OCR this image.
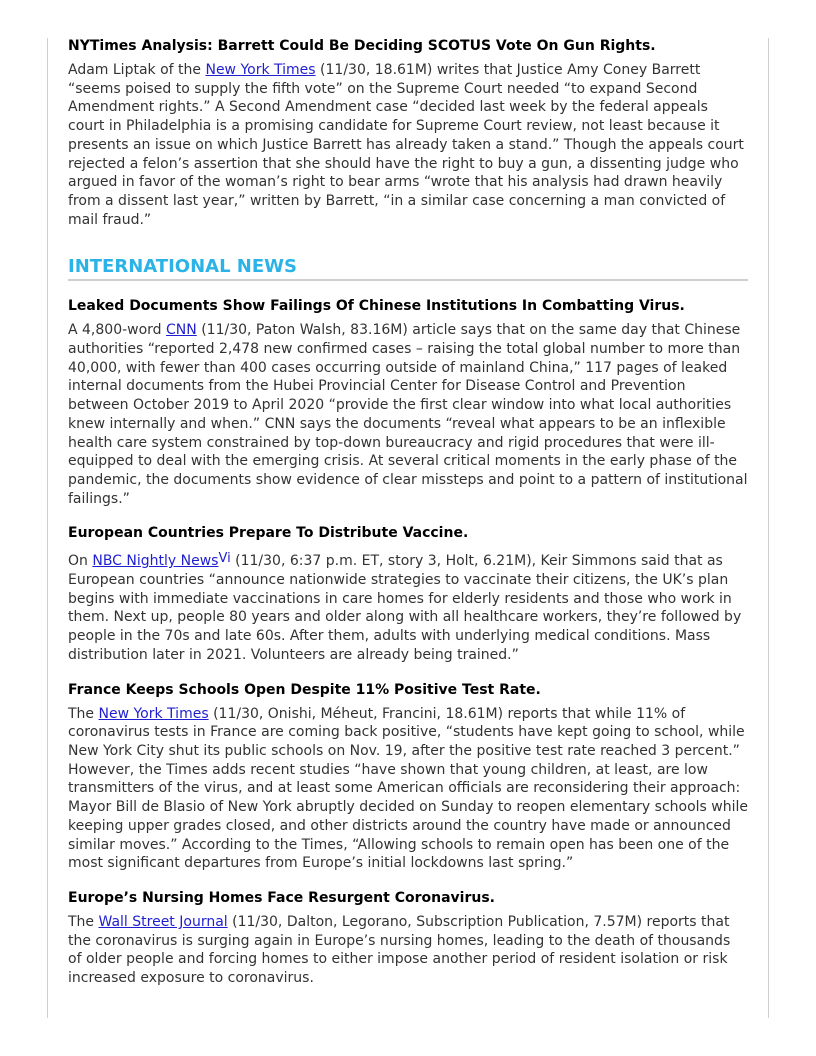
NYTimes Analysis: Barrett Could Be Deciding SCOTUS Vote On Gun Rights.

Adam Liptak of the New York Times (11/30, 18.61M) writes that Justice Amy Coney Barrett “seems poised to supply the fifth vote” on the Supreme Court needed “to expand Second Amendment rights.” A Second Amendment case “decided last week by the federal appeals court in Philadelphia is a promising candidate for Supreme Court review, not least because it presents an issue on which Justice Barrett has already taken a stand.” Though the appeals court rejected a felon’s assertion that she should have the right to buy a gun, a dissenting judge who argued in favor of the woman’s right to bear arms “wrote that his analysis had drawn heavily from a dissent last year,” written by Barrett, “in a similar case concerning a man convicted of mail fraud.”

INTERNATIONAL NEWS
Leaked Documents Show Failings Of Chinese Institutions In Combatting Virus.

A 4,800-word CNN (11/30, Paton Walsh, 83.16M) article says that on the same day that Chinese authorities “reported 2,478 new confirmed cases – raising the total global number to more than 40,000, with fewer than 400 cases occurring outside of mainland China,” 117 pages of leaked internal documents from the Hubei Provincial Center for Disease Control and Prevention between October 2019 to April 2020 “provide the first clear window into what local authorities knew internally and when.” CNN says the documents “reveal what appears to be an inflexible health care system constrained by top-down bureaucracy and rigid procedures that were ill-equipped to deal with the emerging crisis. At several critical moments in the early phase of the pandemic, the documents show evidence of clear missteps and point to a pattern of institutional failings.”

European Countries Prepare To Distribute Vaccine.

On NBC Nightly NewsVi (11/30, 6:37 p.m. ET, story 3, Holt, 6.21M), Keir Simmons said that as European countries “announce nationwide strategies to vaccinate their citizens, the UK’s plan begins with immediate vaccinations in care homes for elderly residents and those who work in them. Next up, people 80 years and older along with all healthcare workers, they’re followed by people in the 70s and late 60s. After them, adults with underlying medical conditions. Mass distribution later in 2021. Volunteers are already being trained.”

France Keeps Schools Open Despite 11% Positive Test Rate.

The New York Times (11/30, Onishi, Méheut, Francini, 18.61M) reports that while 11% of coronavirus tests in France are coming back positive, “students have kept going to school, while New York City shut its public schools on Nov. 19, after the positive test rate reached 3 percent.” However, the Times adds recent studies “have shown that young children, at least, are low transmitters of the virus, and at least some American officials are reconsidering their approach: Mayor Bill de Blasio of New York abruptly decided on Sunday to reopen elementary schools while keeping upper grades closed, and other districts around the country have made or announced similar moves.” According to the Times, “Allowing schools to remain open has been one of the most significant departures from Europe’s initial lockdowns last spring.”

Europe’s Nursing Homes Face Resurgent Coronavirus.

The Wall Street Journal (11/30, Dalton, Legorano, Subscription Publication, 7.57M) reports that the coronavirus is surging again in Europe’s nursing homes, leading to the death of thousands of older people and forcing homes to either impose another period of resident isolation or risk increased exposure to coronavirus.
